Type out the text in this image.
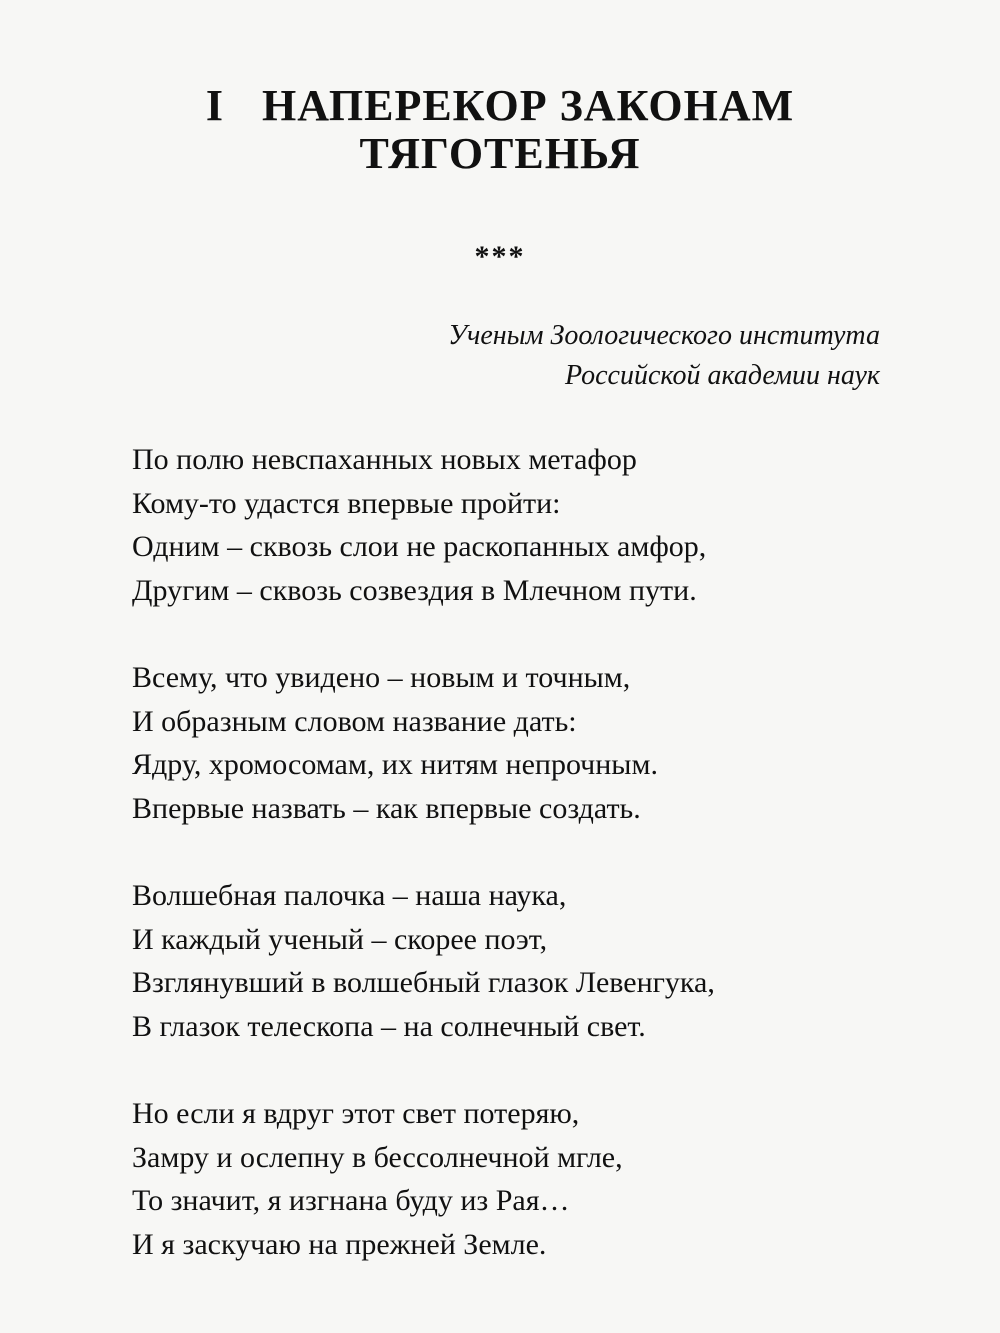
I НАПЕРЕКОР ЗАКОНАМ
ТЯГОТЕНЬЯ
***
Ученым Зоологического института
Российской академии наук
По полю невспаханных новых метафор
Кому-то удастся впервые пройти:
Одним – сквозь слои не раскопанных амфор,
Другим – сквозь созвездия в Млечном пути.
Всему, что увидено – новым и точным,
И образным словом название дать:
Ядру, хромосомам, их нитям непрочным.
Впервые назвать – как впервые создать.
Волшебная палочка – наша наука,
И каждый ученый – скорее поэт,
Взглянувший в волшебный глазок Левенгука,
В глазок телескопа – на солнечный свет.
Но если я вдруг этот свет потеряю,
Замру и ослепну в бессолнечной мгле,
То значит, я изгнана буду из Рая…
И я заскучаю на прежней Земле.
